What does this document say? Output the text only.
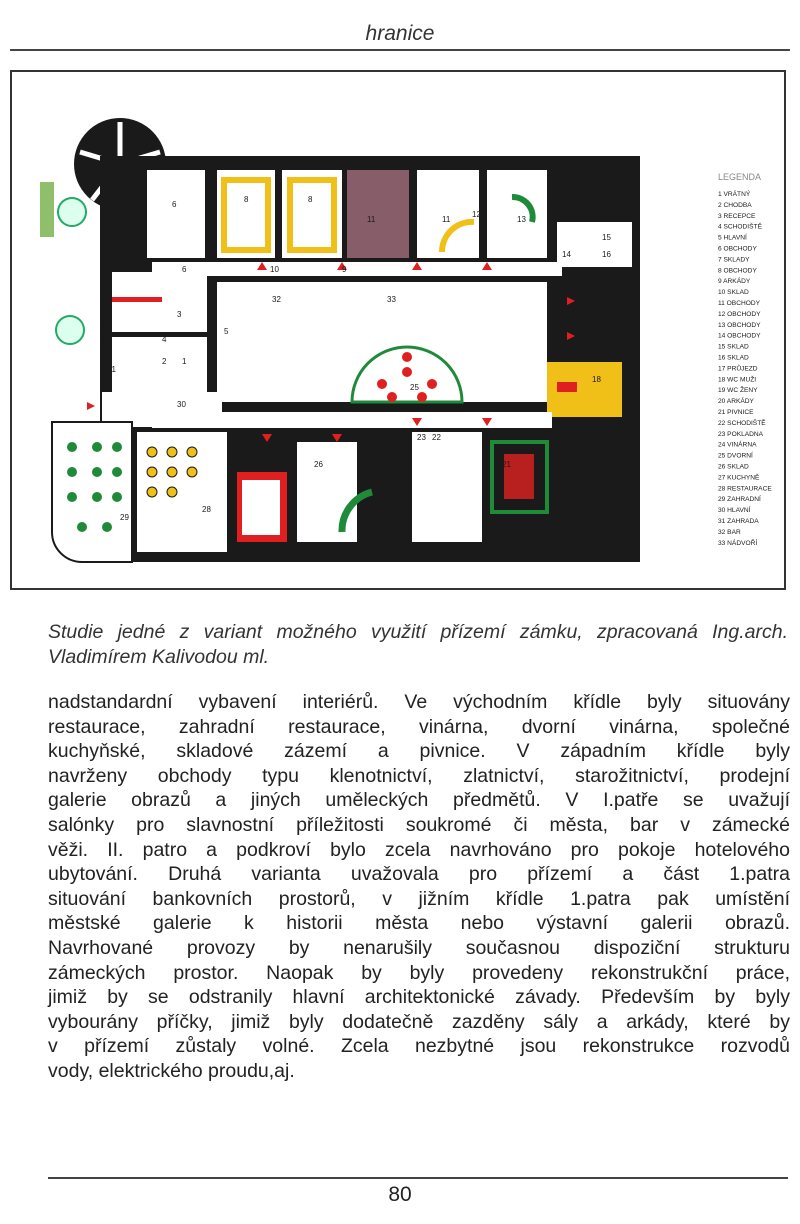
hranice
7
6
8	8
11	11
12
13
14
15
16
6
32	33	17
17
3
5
2 1
31
30
25
20
18
22
23
21
27	26	24
28
29
9
10
4
LEGENDA
1 VRÁTNÝ
2 CHODBA
3 RECEPCE
4 SCHODIŠTĚ
5 HLAVNÍ
6 OBCHODY
7 SKLADY
8 OBCHODY
9 ARKÁDY
10 SKLAD
11 OBCHODY
12 OBCHODY
13 OBCHODY
14 OBCHODY
15 SKLAD
16 SKLAD
17 PRŮJEZD
18 WC MUŽI
19 WC ŽENY
20 ARKÁDY
21 PIVNICE
22 SCHODIŠTĚ
23 POKLADNA
24 VINÁRNA
25 DVORNÍ
26 SKLAD
27 KUCHYNĚ
28 RESTAURACE
29 ZAHRADNÍ
30 HLAVNÍ
31 ZAHRADA
32 BAR
33 NÁDVOŘÍ
Studie jedné z variant možného využití přízemí zámku, zpracovaná Ing.arch. Vladimírem Kalivodou ml.
nadstandardní vybavení interiérů. Ve východním křídle byly situovány
restaurace, zahradní restaurace, vinárna, dvorní vinárna, společné
kuchyňské, skladové zázemí a pivnice. V západním křídle byly
navrženy obchody typu klenotnictví, zlatnictví, starožitnictví, prodejní
galerie obrazů a jiných uměleckých předmětů. V I.patře se uvažují
salónky pro slavnostní příležitosti soukromé či města, bar v zámecké
věži. II. patro a podkroví bylo zcela navrhováno pro pokoje hotelového
ubytování. Druhá varianta uvažovala pro přízemí a část 1.patra
situování bankovních prostorů, v jižním křídle 1.patra pak umístění
městské galerie k historii města nebo výstavní galerii obrazů.
Navrhované provozy by nenarušily současnou dispoziční strukturu
zámeckých prostor. Naopak by byly provedeny rekonstrukční práce,
jimiž by se odstranily hlavní architektonické závady. Především by byly
vybourány příčky, jimiž byly dodatečně zazděny sály a arkády, které by
v přízemí zůstaly volné. Zcela nezbytné jsou rekonstrukce rozvodů
vody, elektrického proudu,aj.
80
